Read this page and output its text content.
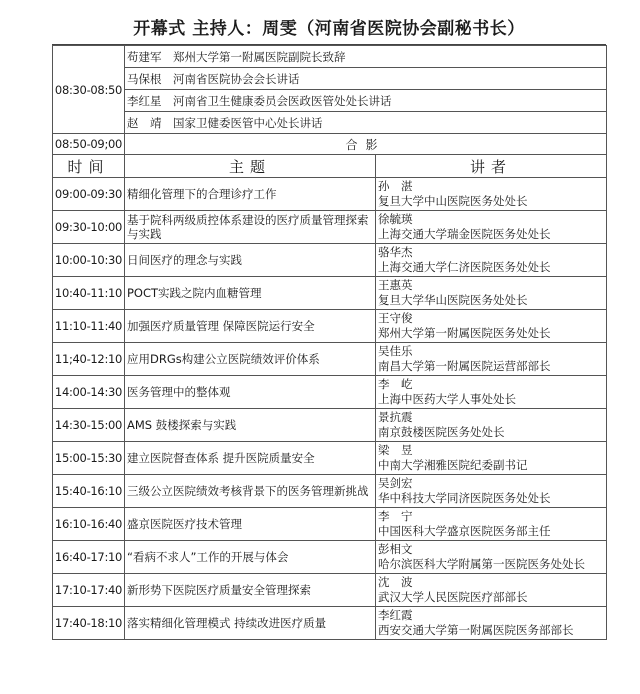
开幕式 主持人：周雯（河南省医院协会副秘书长）
08:30-08:50	苟建军　郑州大学第一附属医院副院长致辞	
	马保根　河南省医院协会会长讲话	
	李红星　河南省卫生健康委员会医政医管处处长讲话	
	赵　靖　国家卫健委医管中心处长讲话	
08:50-09;00	合影	
时间	主题	讲者
09:00-09:30	精细化管理下的合理诊疗工作	孙　湛
复旦大学中山医院医务处处长

09:30-10:00	基于院科两级质控体系建设的医疗质量管理探索与实践	徐毓瑛
上海交通大学瑞金医院医务处处长

10:00-10:30	日间医疗的理念与实践	骆华杰
上海交通大学仁济医院医务处处长

10:40-11:10	POCT实践之院内血糖管理	王惠英
复旦大学华山医院医务处处长

11:10-11:40	加强医疗质量管理 保障医院运行安全	王守俊
郑州大学第一附属医院医务处处长

11;40-12:10	应用DRGs构建公立医院绩效评价体系	吴佳乐
南昌大学第一附属医院运营部部长

14:00-14:30	医务管理中的整体观	李　屹
上海中医药大学人事处处长

14:30-15:00	AMS 鼓楼探索与实践	景抗震
南京鼓楼医院医务处处长

15:00-15:30	建立医院督查体系 提升医院质量安全	梁　昱
中南大学湘雅医院纪委副书记

15:40-16:10	三级公立医院绩效考核背景下的医务管理新挑战	吴剑宏
华中科技大学同济医院医务处处长

16:10-16:40	盛京医院医疗技术管理	李　宁
中国医科大学盛京医院医务部主任

16:40-17:10	“看病不求人”工作的开展与体会	彭相文
哈尔滨医科大学附属第一医院医务处处长

17:10-17:40	新形势下医院医疗质量安全管理探索	沈　波
武汉大学人民医院医疗部部长

17:40-18:10	落实精细化管理模式 持续改进医疗质量	李红霞
西安交通大学第一附属医院医务部部长
